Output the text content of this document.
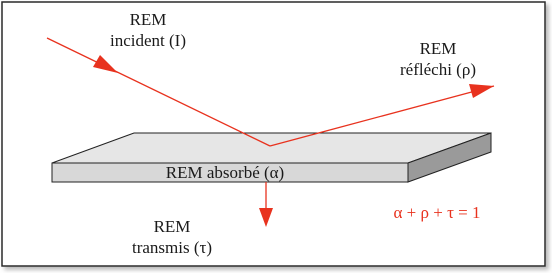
REM
incident (I)	REM
réfléchi (ρ)
REM absorbé (α)
REM
transmis (τ)
α + ρ + τ = 1
